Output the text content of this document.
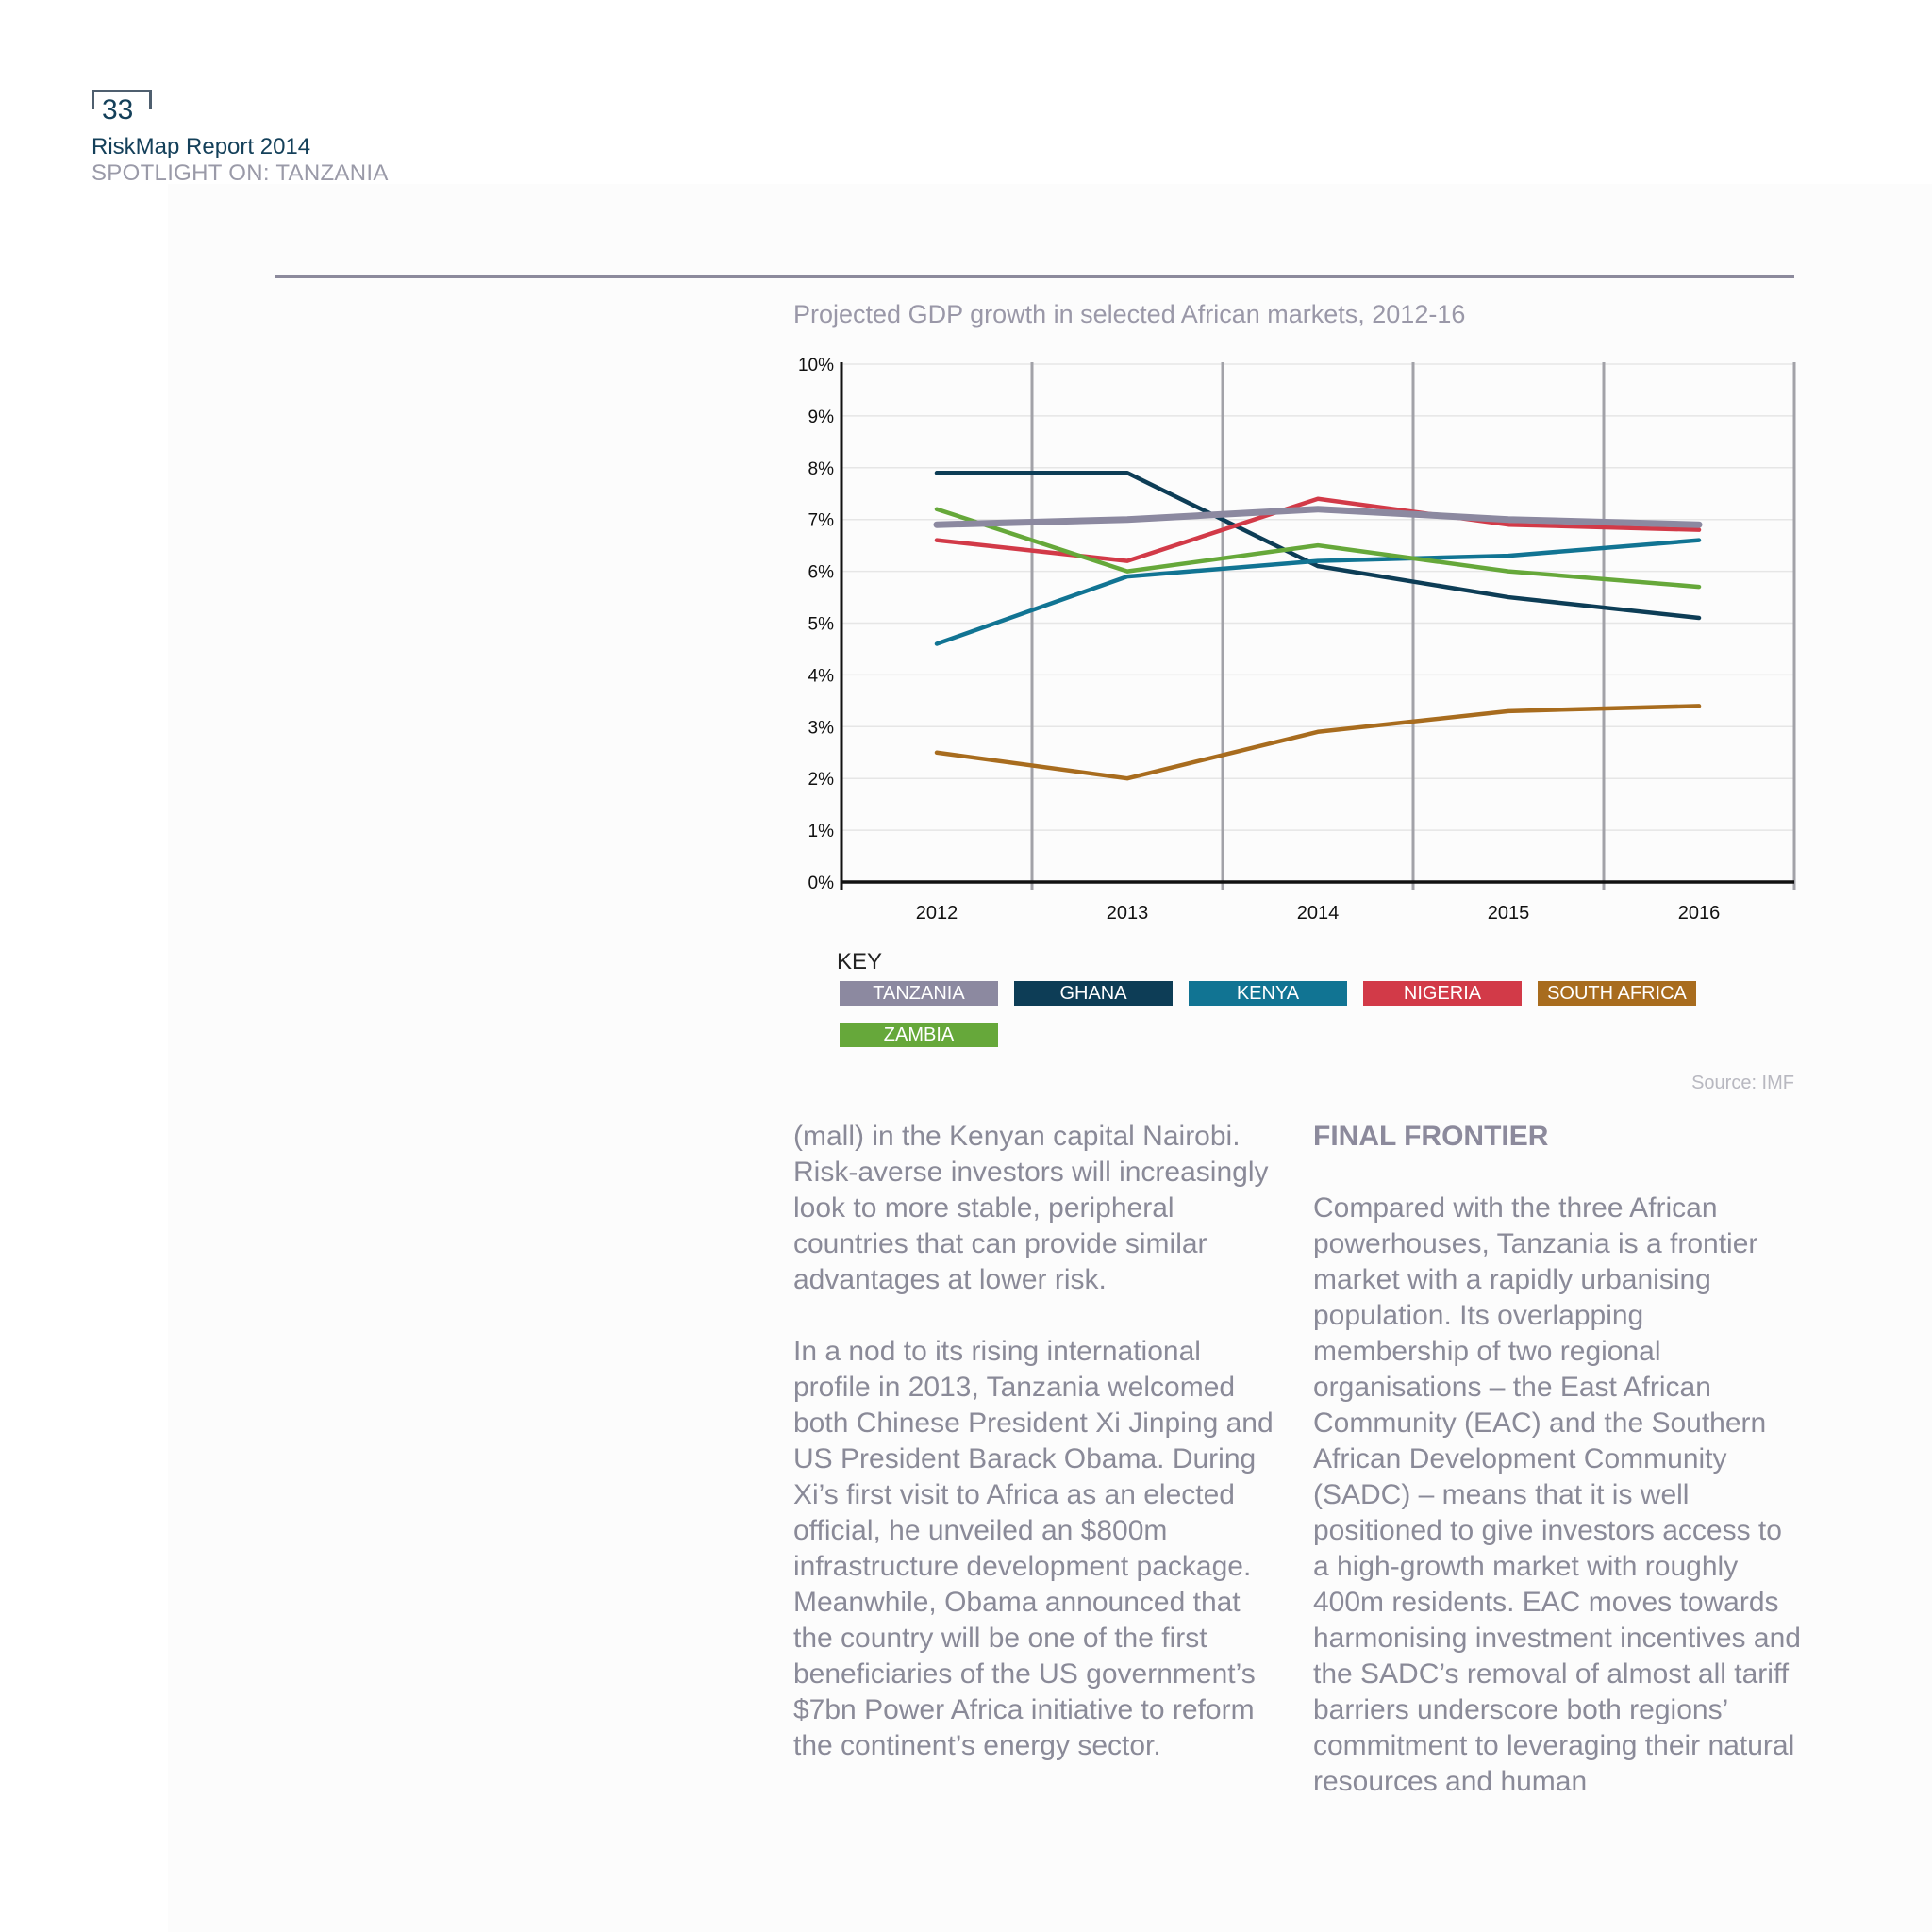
33
RiskMap Report 2014
SPOTLIGHT ON: TANZANIA
Projected GDP growth in selected African markets, 2012-16
0%
1%
2%
3%
4%
5%
6%
7%
8%
9%
10%
2012	2013	2014	2015	2016
KEY
TANZANIA	GHANA	KENYA	NIGERIA	SOUTH AFRICA
ZAMBIA
Source: IMF

(mall) in the Kenyan capital Nairobi. Risk-averse investors will increasingly look to more stable, peripheral countries that can provide similar advantages at lower risk.

In a nod to its rising international profile in 2013, Tanzania welcomed both Chinese President Xi Jinping and US President Barack Obama. During Xi’s first visit to Africa as an elected official, he unveiled an $800m infrastructure development package. Meanwhile, Obama announced that the country will be one of the first beneficiaries of the US government’s $7bn Power Africa initiative to reform the continent’s energy sector.

FINAL FRONTIER

Compared with the three African powerhouses, Tanzania is a frontier market with a rapidly urbanising population. Its overlapping membership of two regional organisations – the East African Community (EAC) and the Southern African Development Community (SADC) – means that it is well positioned to give investors access to a high-growth market with roughly 400m residents. EAC moves towards harmonising investment incentives and the SADC’s removal of almost all tariff barriers underscore both regions’ commitment to leveraging their natural resources and human
